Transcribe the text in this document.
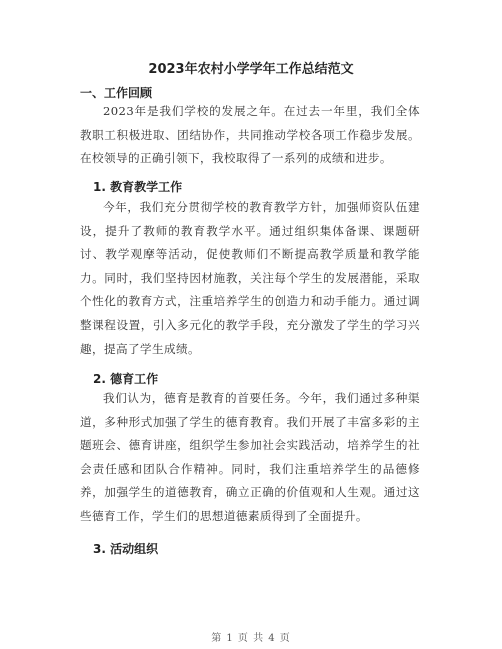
2023年农村小学学年工作总结范文
一、工作回顾
2023年是我们学校的发展之年。在过去一年里，我们全体教职工积极进取、团结协作，共同推动学校各项工作稳步发展。在校领导的正确引领下，我校取得了一系列的成绩和进步。
1. 教育教学工作
今年，我们充分贯彻学校的教育教学方针，加强师资队伍建设，提升了教师的教育教学水平。通过组织集体备课、课题研讨、教学观摩等活动，促使教师们不断提高教学质量和教学能力。同时，我们坚持因材施教，关注每个学生的发展潜能，采取个性化的教育方式，注重培养学生的创造力和动手能力。通过调整课程设置，引入多元化的教学手段，充分激发了学生的学习兴趣，提高了学生成绩。
2. 德育工作
我们认为，德育是教育的首要任务。今年，我们通过多种渠道，多种形式加强了学生的德育教育。我们开展了丰富多彩的主题班会、德育讲座，组织学生参加社会实践活动，培养学生的社会责任感和团队合作精神。同时，我们注重培养学生的品德修养，加强学生的道德教育，确立正确的价值观和人生观。通过这些德育工作，学生们的思想道德素质得到了全面提升。
3. 活动组织
第 1 页 共 4 页
